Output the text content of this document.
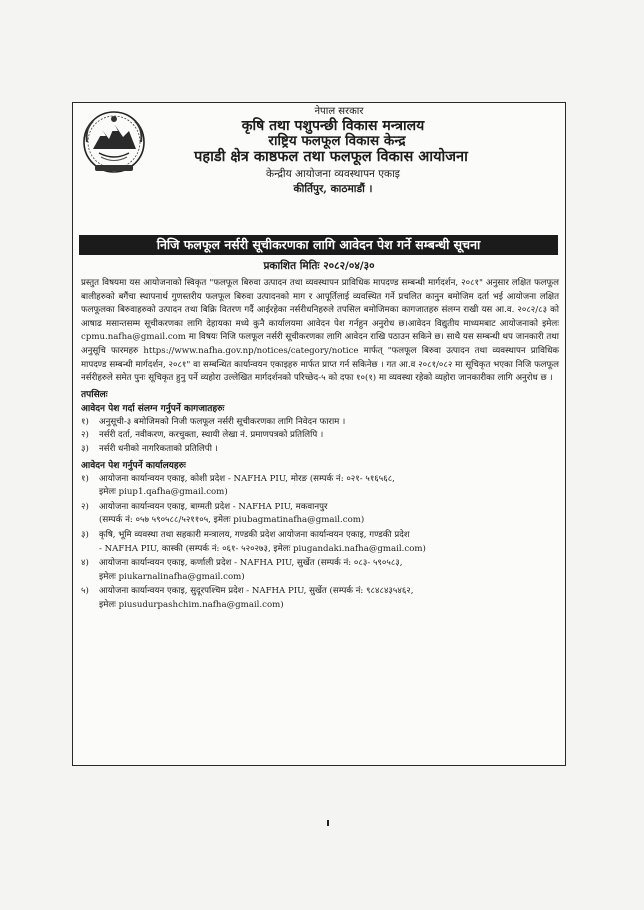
नेपाल सरकार
कृषि तथा पशुपन्छी विकास मन्त्रालय
राष्ट्रिय फलफूल विकास केन्द्र
पहाडी क्षेत्र काष्ठफल तथा फलफूल विकास आयोजना
केन्द्रीय आयोजना व्यवस्थापन एकाइ
कीर्तिपुर, काठमाडौं ।
निजि फलफूल नर्सरी सूचीकरणका लागि आवेदन पेश गर्ने सम्बन्धी सूचना
प्रकाशित मितिः २०८२/०४/३०

प्रस्तुत विषयमा यस आयोजनाको स्विकृत "फलफूल बिरुवा उत्पादन तथा व्यवस्थापन प्राविधिक मापदण्ड सम्बन्धी मार्गदर्शन, २०८१" अनुसार लक्षित फलफूल बालीहरुको बगैंचा स्थापनार्थ गुणस्तरीय फलफूल बिरुवा उत्पादनको माग र आपूर्तिलाई व्यवस्थित गर्ने प्रचलित कानुन बमोजिम दर्ता भई आयोजना लक्षित फलफूलका बिरुवाहरुको उत्पादन तथा बिक्रि वितरण गर्दै आईरहेका नर्सरीधनिहरुले तपसिल बमोजिमका कागजातहरु संलग्न राखी यस आ.व. २०८२/८३ को आषाढ मसान्तसम्म सूचीकरणका लागि देहायका मध्ये कुनै कार्यालयमा आवेदन पेश गर्नहुन अनुरोध छ।आवेदन विद्युतीय माध्यमबाट आयोजनाको इमेलः cpmu.nafha@gmail.com मा विषयः निजि फलफूल नर्सरी सूचीकरणका लागि आवेदन राखि पठाउन सकिने छ। साथै यस सम्बन्धी थप जानकारी तथा अनुसूचि फारमहरु https://www.nafha.gov.np/notices/category/notice मार्फत् "फलफूल बिरुवा उत्पादन तथा व्यवस्थापन प्राविधिक मापदण्ड सम्बन्धी मार्गदर्शन, २०८१" वा सम्बन्धित कार्यान्वयन एकाइहरु मार्फत प्राप्त गर्न सकिनेछ । गत आ.व २०८१/०८२ मा सूचिकृत भएका निजि फलफूल नर्सरीहरुले समेत पुनः सूचिकृत हुनु पर्ने व्यहोरा उल्लेखित मार्गदर्शनको परिच्छेद-५ को दफा १०(१) मा व्यवस्था रहेको व्यहोरा जानकारीका लागि अनुरोध छ ।

तपसिलः
आवेदन पेश गर्दा संलग्न गर्नुपर्ने कागजातहरुः
१) अनुसूची-३ बमोजिमको निजी फलफूल नर्सरी सूचीकरणका लागि निवेदन फाराम ।
२) नर्सरी दर्ता, नवीकरण, करचुक्ता, स्थायी लेखा नं. प्रमाणपत्रको प्रतिलिपि ।
३) नर्सरी धनीको नागरिकताको प्रतिलिपी ।
आवेदन पेश गर्नुपर्ने कार्यालयहरुः
१) आयोजना कार्यान्वयन एकाइ, कोशी प्रदेश - NAFHA PIU, मोरङ (सम्पर्क नं: ०२१- ५१६५६८,
इमेलः piup1.qafha@gmail.com)
२) आयोजना कार्यान्वयन एकाइ, बाग्मती प्रदेश - NAFHA PIU, मकवानपुर
(सम्पर्क नं: ०५७ ५९०५८८/५२११०५, इमेलः piubagmatinafha@gmail.com)
३) कृषि, भूमि व्यवस्था तथा सहकारी मन्त्रालय, गण्डकी प्रदेश आयोजना कार्यान्वयन एकाइ, गण्डकी प्रदेश
- NAFHA PIU, कास्की (सम्पर्क नं: ०६१- ५२०२७३, इमेलः piugandaki.nafha@gmail.com)
४) आयोजना कार्यान्वयन एकाइ, कर्णाली प्रदेश - NAFHA PIU, सुर्खेत (सम्पर्क नं: ०८३- ५९०५८३,
इमेलः piukarnalinafha@gmail.com)
५) आयोजना कार्यान्वयन एकाइ, सुदूरपश्चिम प्रदेश - NAFHA PIU, सुर्खेत (सम्पर्क नं: ९८४८४३५४६२,
इमेलः piusudurpashchim.nafha@gmail.com)
